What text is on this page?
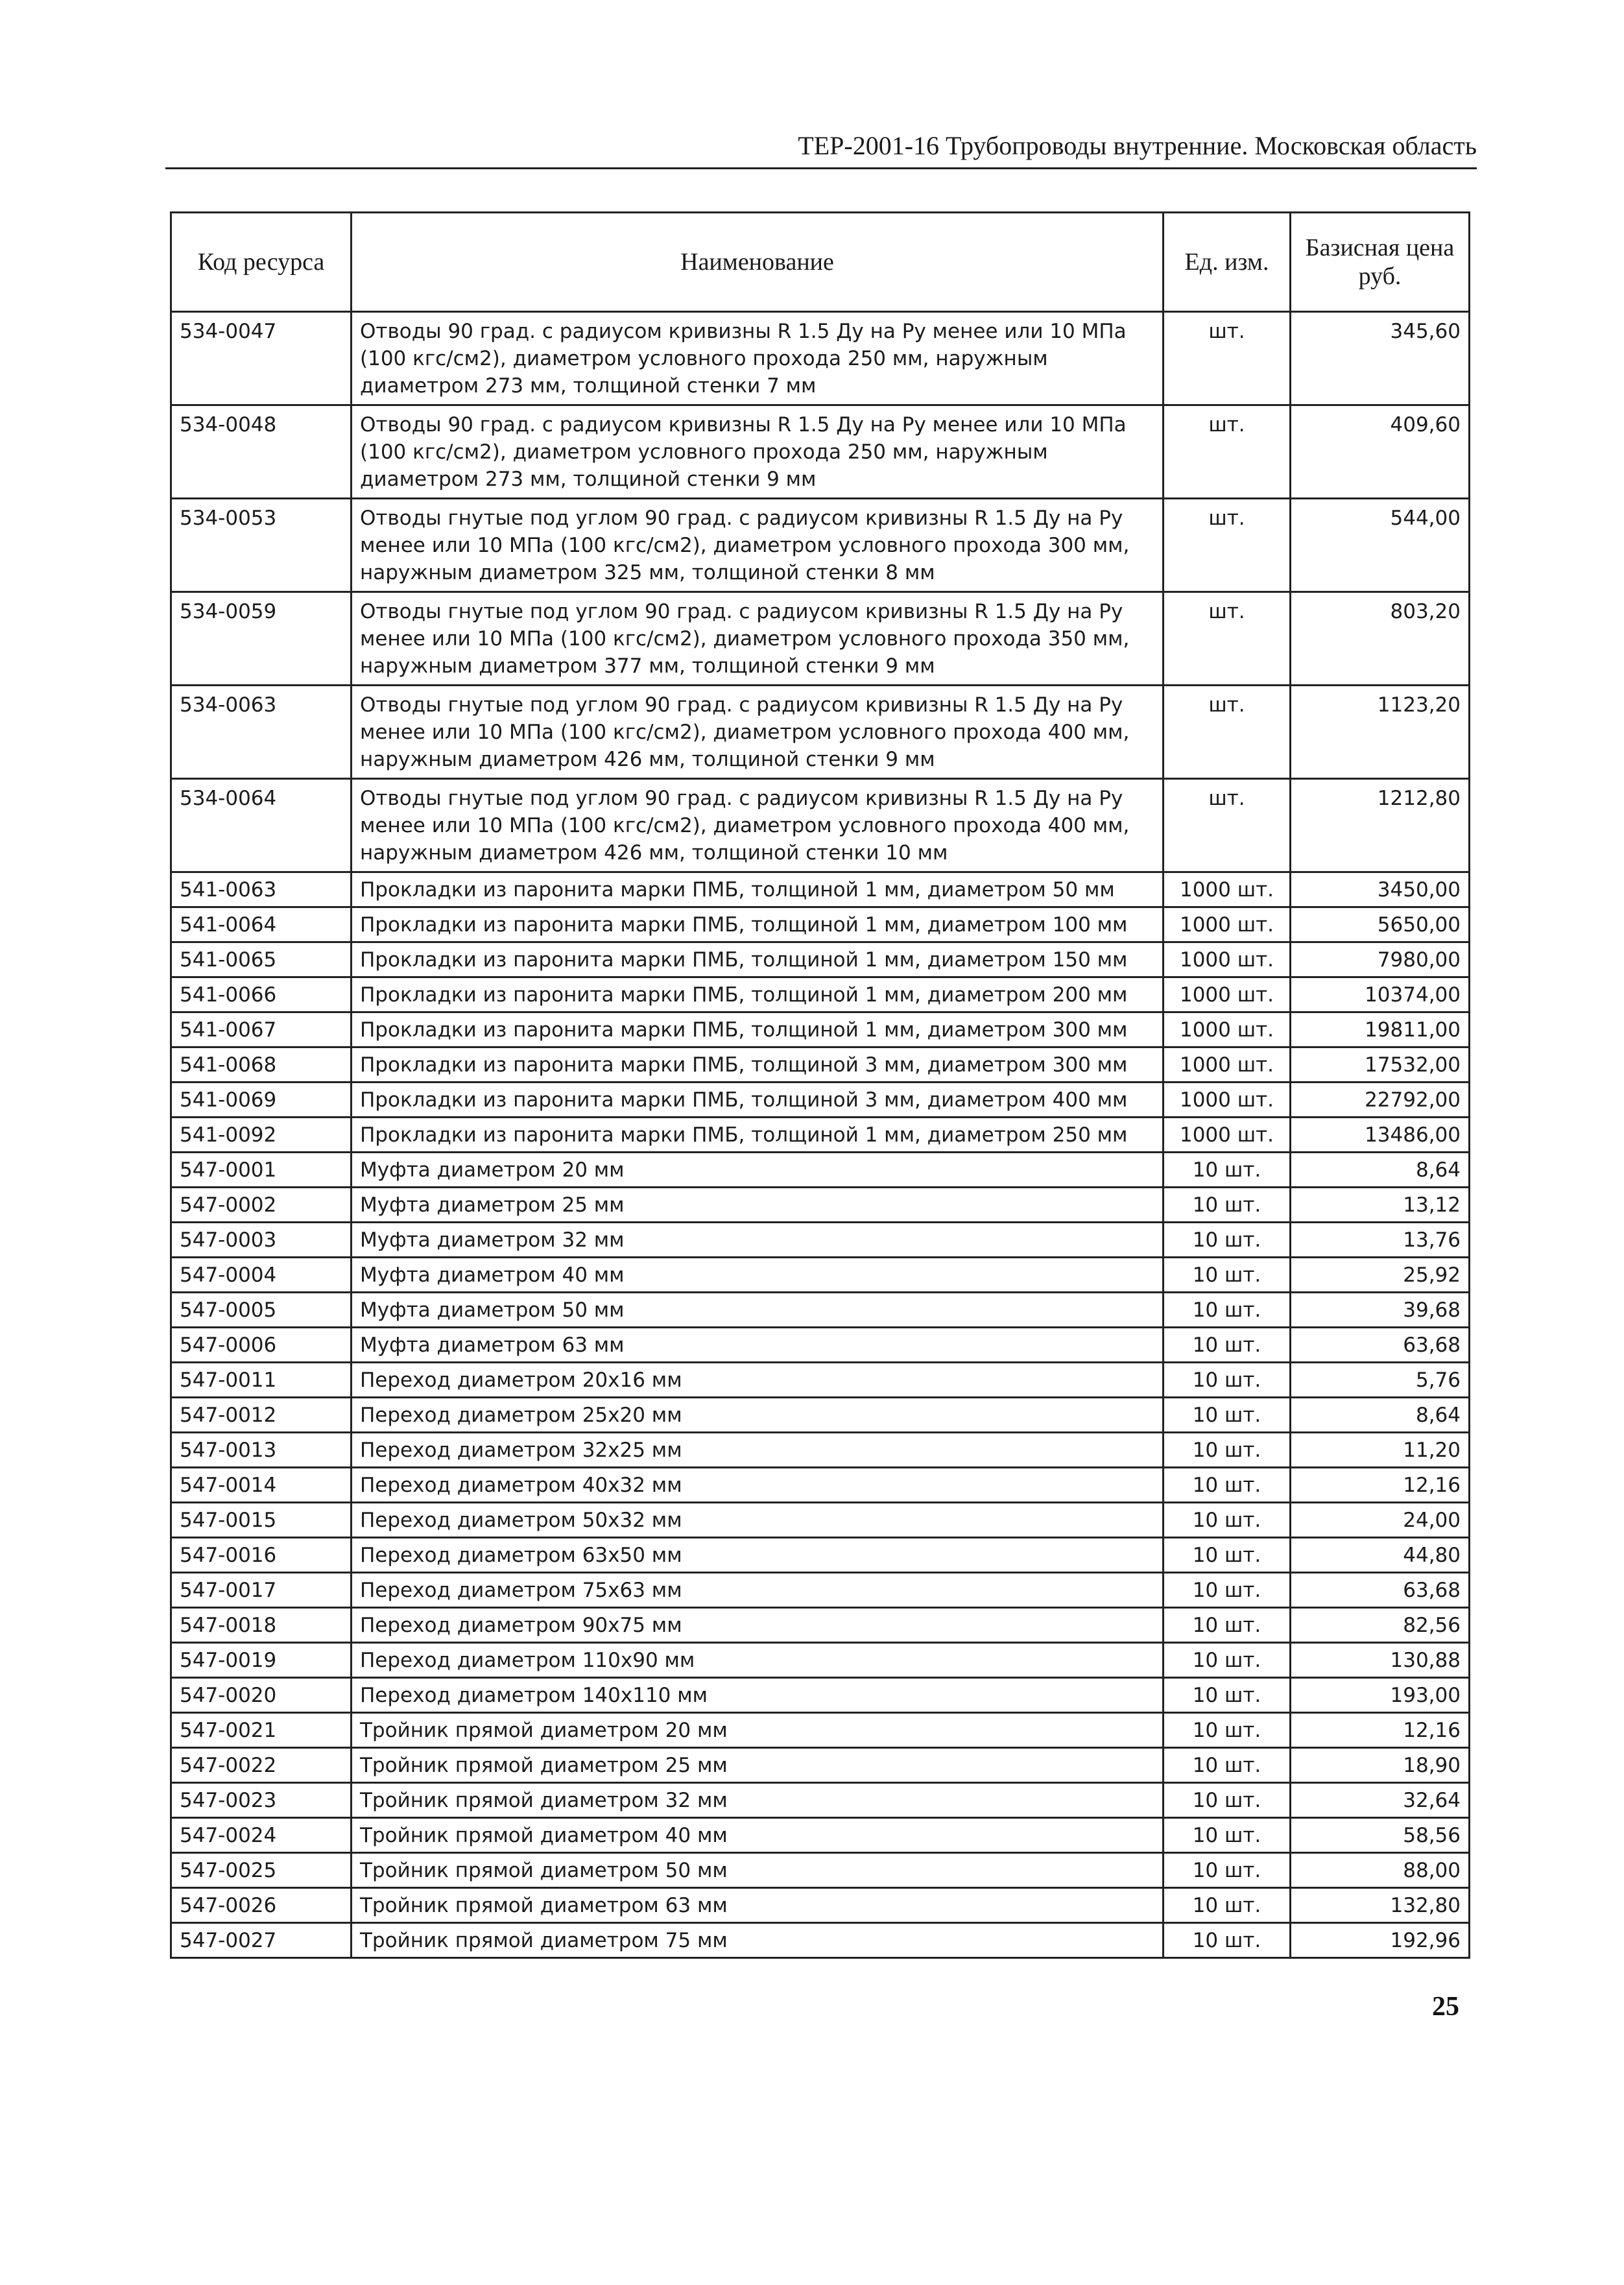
ТЕР-2001-16 Трубопроводы внутренние. Московская область
Код ресурса	Наименование	Ед. изм.	Базисная цена руб.
534-0047	Отводы 90 град. с радиусом кривизны R 1.5 Ду на Ру менее или 10 МПа (100 кгс/см2), диаметром условного прохода 250 мм, наружным диаметром 273 мм, толщиной стенки 7 мм	шт.	345,60
534-0048	Отводы 90 град. с радиусом кривизны R 1.5 Ду на Ру менее или 10 МПа (100 кгс/см2), диаметром условного прохода 250 мм, наружным диаметром 273 мм, толщиной стенки 9 мм	шт.	409,60
534-0053	Отводы гнутые под углом 90 град. с радиусом кривизны R 1.5 Ду на Ру менее или 10 МПа (100 кгс/см2), диаметром условного прохода 300 мм, наружным диаметром 325 мм, толщиной стенки 8 мм	шт.	544,00
534-0059	Отводы гнутые под углом 90 град. с радиусом кривизны R 1.5 Ду на Ру менее или 10 МПа (100 кгс/см2), диаметром условного прохода 350 мм, наружным диаметром 377 мм, толщиной стенки 9 мм	шт.	803,20
534-0063	Отводы гнутые под углом 90 град. с радиусом кривизны R 1.5 Ду на Ру менее или 10 МПа (100 кгс/см2), диаметром условного прохода 400 мм, наружным диаметром 426 мм, толщиной стенки 9 мм	шт.	1123,20
534-0064	Отводы гнутые под углом 90 град. с радиусом кривизны R 1.5 Ду на Ру менее или 10 МПа (100 кгс/см2), диаметром условного прохода 400 мм, наружным диаметром 426 мм, толщиной стенки 10 мм	шт.	1212,80
541-0063	Прокладки из паронита марки ПМБ, толщиной 1 мм, диаметром 50 мм	1000 шт.	3450,00
541-0064	Прокладки из паронита марки ПМБ, толщиной 1 мм, диаметром 100 мм	1000 шт.	5650,00
541-0065	Прокладки из паронита марки ПМБ, толщиной 1 мм, диаметром 150 мм	1000 шт.	7980,00
541-0066	Прокладки из паронита марки ПМБ, толщиной 1 мм, диаметром 200 мм	1000 шт.	10374,00
541-0067	Прокладки из паронита марки ПМБ, толщиной 1 мм, диаметром 300 мм	1000 шт.	19811,00
541-0068	Прокладки из паронита марки ПМБ, толщиной 3 мм, диаметром 300 мм	1000 шт.	17532,00
541-0069	Прокладки из паронита марки ПМБ, толщиной 3 мм, диаметром 400 мм	1000 шт.	22792,00
541-0092	Прокладки из паронита марки ПМБ, толщиной 1 мм, диаметром 250 мм	1000 шт.	13486,00
547-0001	Муфта диаметром 20 мм	10 шт.	8,64
547-0002	Муфта диаметром 25 мм	10 шт.	13,12
547-0003	Муфта диаметром 32 мм	10 шт.	13,76
547-0004	Муфта диаметром 40 мм	10 шт.	25,92
547-0005	Муфта диаметром 50 мм	10 шт.	39,68
547-0006	Муфта диаметром 63 мм	10 шт.	63,68
547-0011	Переход диаметром 20х16 мм	10 шт.	5,76
547-0012	Переход диаметром 25х20 мм	10 шт.	8,64
547-0013	Переход диаметром 32х25 мм	10 шт.	11,20
547-0014	Переход диаметром 40х32 мм	10 шт.	12,16
547-0015	Переход диаметром 50х32 мм	10 шт.	24,00
547-0016	Переход диаметром 63х50 мм	10 шт.	44,80
547-0017	Переход диаметром 75х63 мм	10 шт.	63,68
547-0018	Переход диаметром 90х75 мм	10 шт.	82,56
547-0019	Переход диаметром 110х90 мм	10 шт.	130,88
547-0020	Переход диаметром 140х110 мм	10 шт.	193,00
547-0021	Тройник прямой диаметром 20 мм	10 шт.	12,16
547-0022	Тройник прямой диаметром 25 мм	10 шт.	18,90
547-0023	Тройник прямой диаметром 32 мм	10 шт.	32,64
547-0024	Тройник прямой диаметром 40 мм	10 шт.	58,56
547-0025	Тройник прямой диаметром 50 мм	10 шт.	88,00
547-0026	Тройник прямой диаметром 63 мм	10 шт.	132,80
547-0027	Тройник прямой диаметром 75 мм	10 шт.	192,96
25
